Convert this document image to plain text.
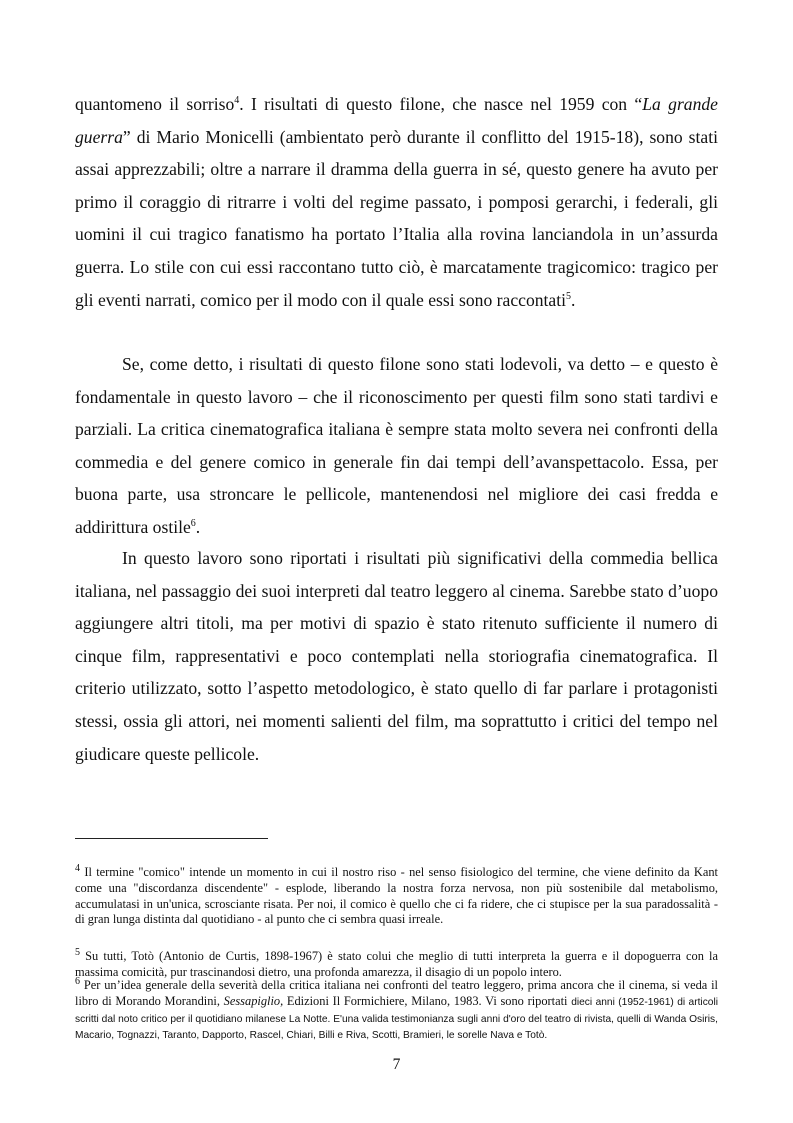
quantomeno il sorriso$^4$. I risultati di questo filone, che nasce nel 1959 con “La grande guerra” di Mario Monicelli (ambientato però durante il conflitto del 1915-18), sono stati assai apprezzabili; oltre a narrare il dramma della guerra in sé, questo genere ha avuto per primo il coraggio di ritrarre i volti del regime passato, i pomposi gerarchi, i federali, gli uomini il cui tragico fanatismo ha portato l’Italia alla rovina lanciandola in un’assurda guerra. Lo stile con cui essi raccontano tutto ciò, è marcatamente tragicomico: tragico per gli eventi narrati, comico per il modo con il quale essi sono raccontati$^5$.

Se, come detto, i risultati di questo filone sono stati lodevoli, va detto – e questo è fondamentale in questo lavoro – che il riconoscimento per questi film sono stati tardivi e parziali. La critica cinematografica italiana è sempre stata molto severa nei confronti della commedia e del genere comico in generale fin dai tempi dell’avanspettacolo. Essa, per buona parte, usa stroncare le pellicole, mantenendosi nel migliore dei casi fredda e addirittura ostile$^6$.

In questo lavoro sono riportati i risultati più significativi della commedia bellica italiana, nel passaggio dei suoi interpreti dal teatro leggero al cinema. Sarebbe stato d’uopo aggiungere altri titoli, ma per motivi di spazio è stato ritenuto sufficiente il numero di cinque film, rappresentativi e poco contemplati nella storiografia cinematografica. Il criterio utilizzato, sotto l’aspetto metodologico, è stato quello di far parlare i protagonisti stessi, ossia gli attori, nei momenti salienti del film, ma soprattutto i critici del tempo nel giudicare queste pellicole.

$^4$ Il termine "comico" intende un momento in cui il nostro riso - nel senso fisiologico del termine, che viene definito da Kant come una "discordanza discendente" - esplode, liberando la nostra forza nervosa, non più sostenibile dal metabolismo, accumulatasi in un'unica, scrosciante risata. Per noi, il comico è quello che ci fa ridere, che ci stupisce per la sua paradossalità - di gran lunga distinta dal quotidiano - al punto che ci sembra quasi irreale.

$^5$ Su tutti, Totò (Antonio de Curtis, 1898-1967) è stato colui che meglio di tutti interpreta la guerra e il dopoguerra con la massima comicità, pur trascinandosi dietro, una profonda amarezza, il disagio di un popolo intero.

$^6$ Per un’idea generale della severità della critica italiana nei confronti del teatro leggero, prima ancora che il cinema, si veda il libro di Morando Morandini, Sessapiglio, Edizioni Il Formichiere, Milano, 1983. Vi sono riportati dieci anni (1952-1961) di articoli scritti dal noto critico per il quotidiano milanese La Notte. E'una valida testimonianza sugli anni d'oro del teatro di rivista, quelli di Wanda Osiris, Macario, Tognazzi, Taranto, Dapporto, Rascel, Chiari, Billi e Riva, Scotti, Bramieri, le sorelle Nava e Totò.

7
